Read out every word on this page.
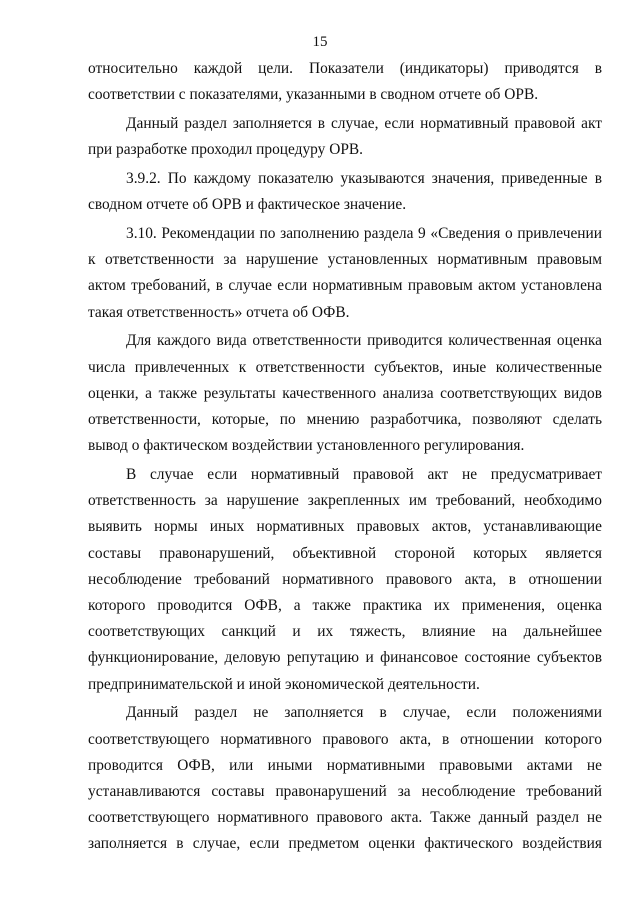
15

относительно каждой цели. Показатели (индикаторы) приводятся в соответствии с показателями, указанными в сводном отчете об ОРВ.

Данный раздел заполняется в случае, если нормативный правовой акт при разработке проходил процедуру ОРВ.

3.9.2. По каждому показателю указываются значения, приведенные в сводном отчете об ОРВ и фактическое значение.

3.10. Рекомендации по заполнению раздела 9 «Сведения о привлечении к ответственности за нарушение установленных нормативным правовым актом требований, в случае если нормативным правовым актом установлена такая ответственность» отчета об ОФВ.

Для каждого вида ответственности приводится количественная оценка числа привлеченных к ответственности субъектов, иные количественные оценки, а также результаты качественного анализа соответствующих видов ответственности, которые, по мнению разработчика, позволяют сделать вывод о фактическом воздействии установленного регулирования.

В случае если нормативный правовой акт не предусматривает ответственность за нарушение закрепленных им требований, необходимо выявить нормы иных нормативных правовых актов, устанавливающие составы правонарушений, объективной стороной которых является несоблюдение требований нормативного правового акта, в отношении которого проводится ОФВ, а также практика их применения, оценка соответствующих санкций и их тяжесть, влияние на дальнейшее функционирование, деловую репутацию и финансовое состояние субъектов предпринимательской и иной экономической деятельности.

Данный раздел не заполняется в случае, если положениями соответствующего нормативного правового акта, в отношении которого проводится ОФВ, или иными нормативными правовыми актами не устанавливаются составы правонарушений за несоблюдение требований соответствующего нормативного правового акта. Также данный раздел не заполняется в случае, если предметом оценки фактического воздействия
